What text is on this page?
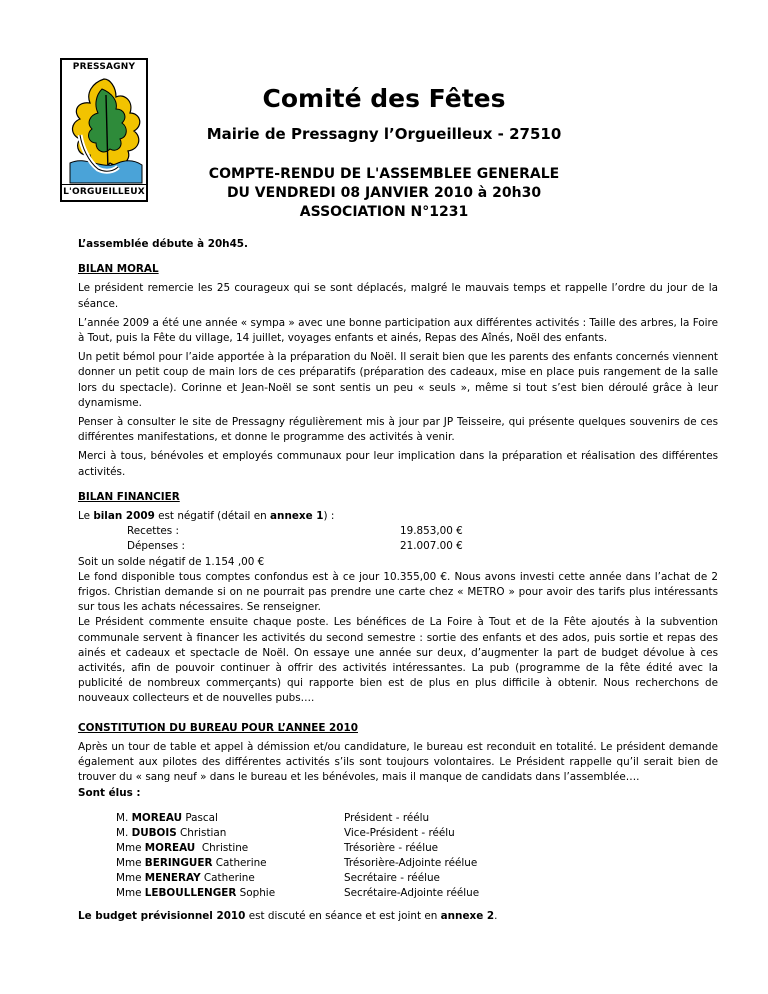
PRESSAGNY
L'ORGUEILLEUX
Comité des Fêtes
Mairie de Pressagny l’Orgueilleux - 27510
COMPTE-RENDU DE L'ASSEMBLEE GENERALE
DU VENDREDI 08 JANVIER 2010 à 20h30
ASSOCIATION N°1231

L’assemblée débute à 20h45.

BILAN MORAL

Le président remercie les 25 courageux qui se sont déplacés, malgré le mauvais temps et rappelle l’ordre du jour de la séance.

L’année 2009 a été une année « sympa » avec une bonne participation aux différentes activités : Taille des arbres, la Foire à Tout, puis la Fête du village, 14 juillet, voyages enfants et ainés, Repas des Aînés, Noël des enfants.

Un petit bémol pour l’aide apportée à la préparation du Noël. Il serait bien que les parents des enfants concernés viennent donner un petit coup de main lors de ces préparatifs (préparation des cadeaux, mise en place puis rangement de la salle lors du spectacle). Corinne et Jean-Noël se sont sentis un peu « seuls », même si tout s’est bien déroulé grâce à leur dynamisme.

Penser à consulter le site de Pressagny régulièrement mis à jour par JP Teisseire, qui présente quelques souvenirs de ces différentes manifestations, et donne le programme des activités à venir.

Merci à tous, bénévoles et employés communaux pour leur implication dans la préparation et réalisation des différentes activités.

BILAN FINANCIER

Le bilan 2009 est négatif (détail en annexe 1) :

Recettes :	19.853,00 €
Dépenses :	21.007.00 €

Soit un solde négatif de 1.154 ,00 €

Le fond disponible tous comptes confondus est à ce jour 10.355,00 €. Nous avons investi cette année dans l’achat de 2 frigos. Christian demande si on ne pourrait pas prendre une carte chez « METRO » pour avoir des tarifs plus intéressants sur tous les achats nécessaires. Se renseigner.

Le Président commente ensuite chaque poste. Les bénéfices de La Foire à Tout et de la Fête ajoutés à la subvention communale servent à financer les activités du second semestre : sortie des enfants et des ados, puis sortie et repas des ainés et cadeaux et spectacle de Noël. On essaye une année sur deux, d’augmenter la part de budget dévolue à ces activités, afin de pouvoir continuer à offrir des activités intéressantes. La pub (programme de la fête édité avec la publicité de nombreux commerçants) qui rapporte bien est de plus en plus difficile à obtenir. Nous recherchons de nouveaux collecteurs et de nouvelles pubs….

CONSTITUTION DU BUREAU POUR L’ANNEE 2010

Après un tour de table et appel à démission et/ou candidature, le bureau est reconduit en totalité. Le président demande également aux pilotes des différentes activités s’ils sont toujours volontaires. Le Président rappelle qu’il serait bien de trouver du « sang neuf » dans le bureau et les bénévoles, mais il manque de candidats dans l’assemblée….

Sont élus :

M. MOREAU Pascal	Président - réélu
M. DUBOIS Christian	Vice-Président - réélu
Mme MOREAU  Christine	Trésorière - réélue
Mme BERINGUER Catherine	Trésorière-Adjointe réélue
Mme MENERAY Catherine	Secrétaire - réélue
Mme LEBOULLENGER Sophie	Secrétaire-Adjointe réélue

Le budget prévisionnel 2010 est discuté en séance et est joint en annexe 2.
